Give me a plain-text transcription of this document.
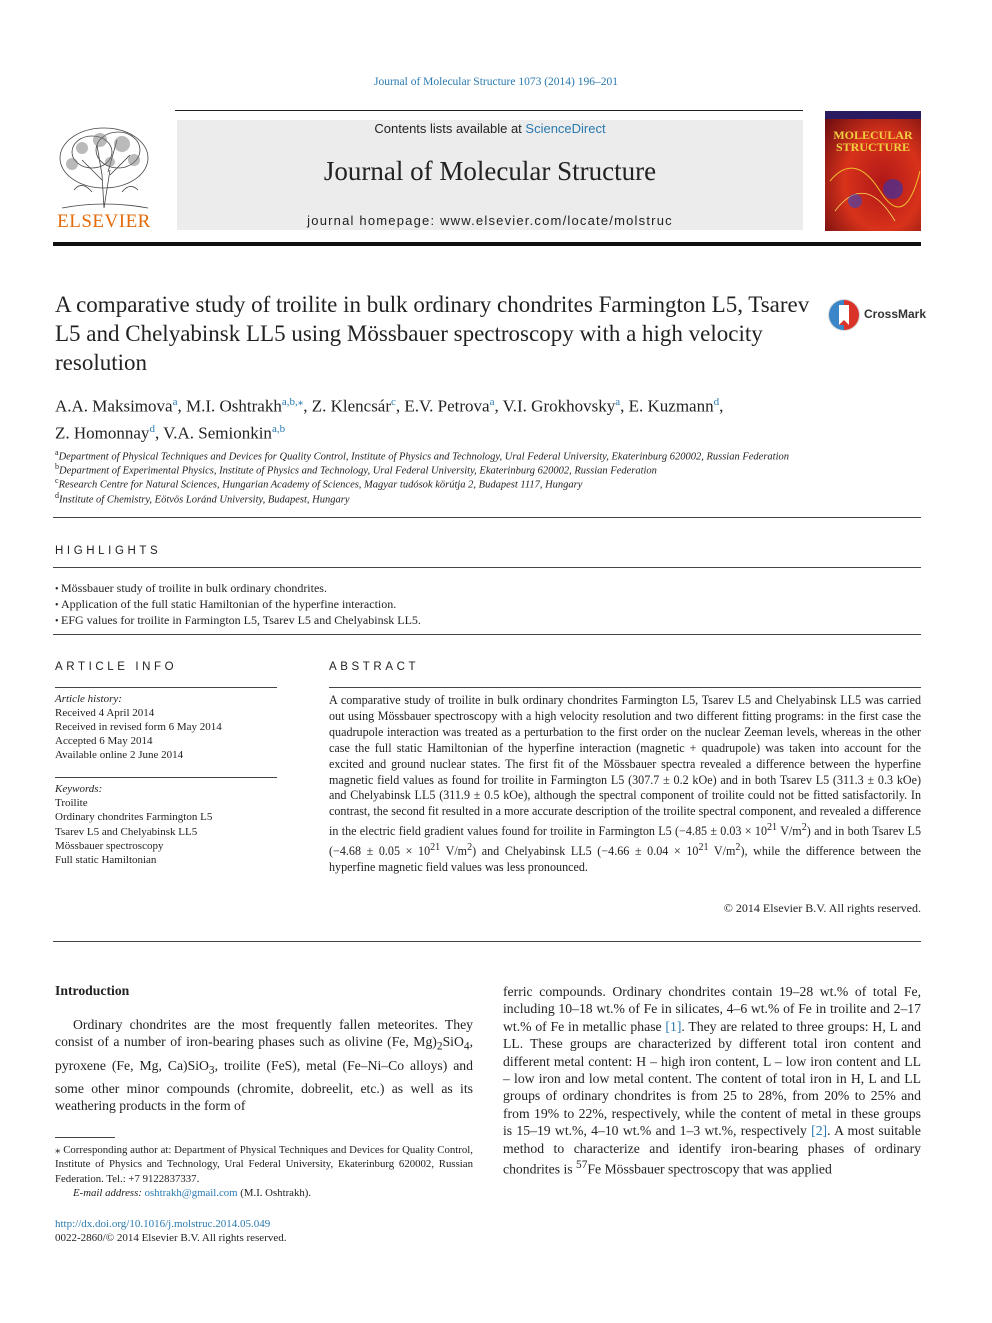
Journal of Molecular Structure 1073 (2014) 196–201
ELSEVIER
Contents lists available at ScienceDirect
Journal of Molecular Structure
journal homepage: www.elsevier.com/locate/molstruc
MOLECULAR
STRUCTURE
A comparative study of troilite in bulk ordinary chondrites Farmington L5, Tsarev L5 and Chelyabinsk LL5 using Mössbauer spectroscopy with a high velocity resolution
CrossMark
A.A. Maksimova$^a$, M.I. Oshtrakh$^{a,b,⁎}$, Z. Klencsár$^c$, E.V. Petrova$^a$, V.I. Grokhovsky$^a$, E. Kuzmann$^d$,
Z. Homonnay$^d$, V.A. Semionkin$^{a,b}$
$^a$Department of Physical Techniques and Devices for Quality Control, Institute of Physics and Technology, Ural Federal University, Ekaterinburg 620002, Russian Federation
$^b$Department of Experimental Physics, Institute of Physics and Technology, Ural Federal University, Ekaterinburg 620002, Russian Federation
$^c$Research Centre for Natural Sciences, Hungarian Academy of Sciences, Magyar tudósok körútja 2, Budapest 1117, Hungary
$^d$Institute of Chemistry, Eötvös Loránd University, Budapest, Hungary
HIGHLIGHTS
• Mössbauer study of troilite in bulk ordinary chondrites.
• Application of the full static Hamiltonian of the hyperfine interaction.
• EFG values for troilite in Farmington L5, Tsarev L5 and Chelyabinsk LL5.
ARTICLE INFO
Article history:
Received 4 April 2014
Received in revised form 6 May 2014
Accepted 6 May 2014
Available online 2 June 2014
Keywords:
Troilite
Ordinary chondrites Farmington L5
Tsarev L5 and Chelyabinsk LL5
Mössbauer spectroscopy
Full static Hamiltonian
ABSTRACT
A comparative study of troilite in bulk ordinary chondrites Farmington L5, Tsarev L5 and Chelyabinsk LL5 was carried out using Mössbauer spectroscopy with a high velocity resolution and two different fitting programs: in the first case the quadrupole interaction was treated as a perturbation to the first order on the nuclear Zeeman levels, whereas in the other case the full static Hamiltonian of the hyperfine interaction (magnetic + quadrupole) was taken into account for the excited and ground nuclear states. The first fit of the Mössbauer spectra revealed a difference between the hyperfine magnetic field values as found for troilite in Farmington L5 (307.7 ± 0.2 kOe) and in both Tsarev L5 (311.3 ± 0.3 kOe) and Chelyabinsk LL5 (311.9 ± 0.5 kOe), although the spectral component of troilite could not be fitted satisfactorily. In contrast, the second fit resulted in a more accurate description of the troilite spectral component, and revealed a difference in the electric field gradient values found for troilite in Farmington L5 ($-4.85 \pm 0.03 \times 10^{21}$ $V/m^2$) and in both Tsarev L5 ($-4.68 \pm 0.05 \times 10^{21}$ $V/m^2$) and Chelyabinsk LL5 ($-4.66 \pm 0.04 \times 10^{21}$ $V/m^2$), while the difference between the hyperfine magnetic field values was less pronounced.
© 2014 Elsevier B.V. All rights reserved.
Introduction
Ordinary chondrites are the most frequently fallen meteorites. They consist of a number of iron-bearing phases such as olivine (Fe, $Mg)_2SiO_4$, pyroxene (Fe, Mg, Ca)SiO$_3$, troilite (FeS), metal (Fe–Ni–Co alloys) and some other minor compounds (chromite, dobreelit, etc.) as well as its weathering products in the form of
ferric compounds. Ordinary chondrites contain 19–28 wt.% of total Fe, including 10–18 wt.% of Fe in silicates, 4–6 wt.% of Fe in troilite and 2–17 wt.% of Fe in metallic phase [1]. They are related to three groups: H, L and LL. These groups are characterized by different total iron content and different metal content: H – high iron content, L – low iron content and LL – low iron and low metal content. The content of total iron in H, L and LL groups of ordinary chondrites is from 25 to 28%, from 20% to 25% and from 19% to 22%, respectively, while the content of metal in these groups is 15–19 wt.%, 4–10 wt.% and 1–3 wt.%, respectively [2]. A most suitable method to characterize and identify iron-bearing phases of ordinary chondrites is $^{57}$Fe Mössbauer spectroscopy that was applied
⁎ Corresponding author at: Department of Physical Techniques and Devices for Quality Control, Institute of Physics and Technology, Ural Federal University, Ekaterinburg 620002, Russian Federation. Tel.: +7 9122837337.
E-mail address: oshtrakh@gmail.com (M.I. Oshtrakh).
http://dx.doi.org/10.1016/j.molstruc.2014.05.049
0022-2860/© 2014 Elsevier B.V. All rights reserved.
